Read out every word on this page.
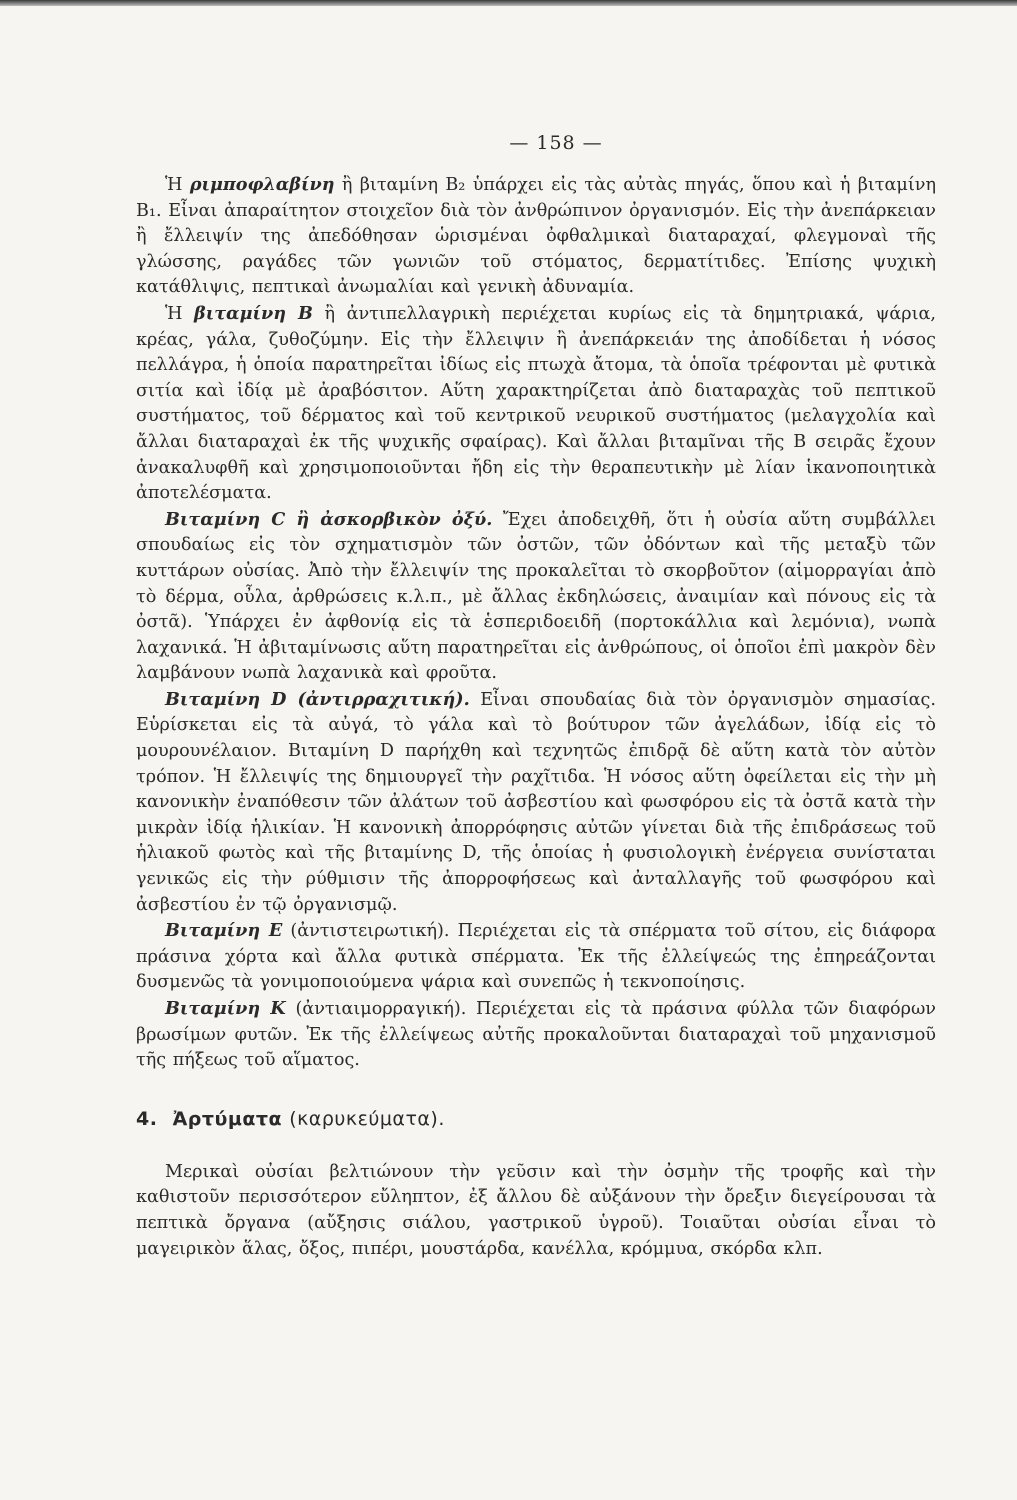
— 158 —

Ἡ ριμποφλαβίνη ἢ βιταμίνη B₂ ὑπάρχει εἰς τὰς αὐτὰς πηγάς, ὅπου καὶ ἡ βιταμίνη B₁. Εἶναι ἀπαραίτητον στοιχεῖον διὰ τὸν ἀνθρώπινον ὀργανισμόν. Εἰς τὴν ἀνεπάρκειαν ἢ ἔλλειψίν της ἀπεδόθησαν ὡρισμέναι ὀφθαλμικαὶ διαταραχαί, φλεγμοναὶ τῆς γλώσσης, ραγάδες τῶν γωνιῶν τοῦ στόματος, δερματίτιδες. Ἐπίσης ψυχικὴ κατάθλιψις, πεπτικαὶ ἀνωμαλίαι καὶ γενικὴ ἀδυναμία.

Ἡ βιταμίνη B ἢ ἀντιπελλαγρικὴ περιέχεται κυρίως εἰς τὰ δημητριακά, ψάρια, κρέας, γάλα, ζυθοζύμην. Εἰς τὴν ἔλλειψιν ἢ ἀνεπάρκειάν της ἀποδίδεται ἡ νόσος πελλάγρα, ἡ ὁποία παρατηρεῖται ἰδίως εἰς πτωχὰ ἄτομα, τὰ ὁποῖα τρέφονται μὲ φυτικὰ σιτία καὶ ἰδίᾳ μὲ ἀραβόσιτον. Αὕτη χαρακτηρίζεται ἀπὸ διαταραχὰς τοῦ πεπτικοῦ συστήματος, τοῦ δέρματος καὶ τοῦ κεντρικοῦ νευρικοῦ συστήματος (μελαγχολία καὶ ἄλλαι διαταραχαὶ ἐκ τῆς ψυχικῆς σφαίρας). Καὶ ἄλλαι βιταμῖναι τῆς B σειρᾶς ἔχουν ἀνακαλυφθῆ καὶ χρησιμοποιοῦνται ἤδη εἰς τὴν θεραπευτικὴν μὲ λίαν ἱκανοποιητικὰ ἀποτελέσματα.

Βιταμίνη C ἢ ἀσκορβικὸν ὀξύ. Ἔχει ἀποδειχθῆ, ὅτι ἡ οὐσία αὕτη συμβάλλει σπουδαίως εἰς τὸν σχηματισμὸν τῶν ὀστῶν, τῶν ὀδόντων καὶ τῆς μεταξὺ τῶν κυττάρων οὐσίας. Ἀπὸ τὴν ἔλλειψίν της προκαλεῖται τὸ σκορβοῦτον (αἱμορραγίαι ἀπὸ τὸ δέρμα, οὖλα, ἀρθρώσεις κ.λ.π., μὲ ἄλλας ἐκδηλώσεις, ἀναιμίαν καὶ πόνους εἰς τὰ ὀστᾶ). Ὑπάρχει ἐν ἀφθονίᾳ εἰς τὰ ἑσπεριδοειδῆ (πορτοκάλλια καὶ λεμόνια), νωπὰ λαχανικά. Ἡ ἀβιταμίνωσις αὕτη παρατηρεῖται εἰς ἀνθρώπους, οἱ ὁποῖοι ἐπὶ μακρὸν δὲν λαμβάνουν νωπὰ λαχανικὰ καὶ φροῦτα.

Βιταμίνη D (ἀντιρραχιτική). Εἶναι σπουδαίας διὰ τὸν ὀργανισμὸν σημασίας. Εὑρίσκεται εἰς τὰ αὐγά, τὸ γάλα καὶ τὸ βούτυρον τῶν ἀγελάδων, ἰδίᾳ εἰς τὸ μουρουνέλαιον. Βιταμίνη D παρήχθη καὶ τεχνητῶς ἐπιδρᾷ δὲ αὕτη κατὰ τὸν αὐτὸν τρόπον. Ἡ ἔλλειψίς της δημιουργεῖ τὴν ραχῖτιδα. Ἡ νόσος αὕτη ὀφείλεται εἰς τὴν μὴ κανονικὴν ἐναπόθεσιν τῶν ἀλάτων τοῦ ἀσβεστίου καὶ φωσφόρου εἰς τὰ ὀστᾶ κατὰ τὴν μικρὰν ἰδίᾳ ἡλικίαν. Ἡ κανονικὴ ἀπορρόφησις αὐτῶν γίνεται διὰ τῆς ἐπιδράσεως τοῦ ἡλιακοῦ φωτὸς καὶ τῆς βιταμίνης D, τῆς ὁποίας ἡ φυσιολογικὴ ἐνέργεια συνίσταται γενικῶς εἰς τὴν ρύθμισιν τῆς ἀπορροφήσεως καὶ ἀνταλλαγῆς τοῦ φωσφόρου καὶ ἀσβεστίου ἐν τῷ ὀργανισμῷ.

Βιταμίνη E (ἀντιστειρωτική). Περιέχεται εἰς τὰ σπέρματα τοῦ σίτου, εἰς διάφορα πράσινα χόρτα καὶ ἄλλα φυτικὰ σπέρματα. Ἐκ τῆς ἐλλείψεώς της ἐπηρεάζονται δυσμενῶς τὰ γονιμοποιούμενα ψάρια καὶ συνεπῶς ἡ τεκνοποίησις.

Βιταμίνη K (ἀντιαιμορραγική). Περιέχεται εἰς τὰ πράσινα φύλλα τῶν διαφόρων βρωσίμων φυτῶν. Ἐκ τῆς ἐλλείψεως αὐτῆς προκαλοῦνται διαταραχαὶ τοῦ μηχανισμοῦ τῆς πήξεως τοῦ αἵματος.

4. Ἀρτύματα (καρυκεύματα).

Μερικαὶ οὐσίαι βελτιώνουν τὴν γεῦσιν καὶ τὴν ὀσμὴν τῆς τροφῆς καὶ τὴν καθιστοῦν περισσότερον εὔληπτον, ἐξ ἄλλου δὲ αὐξάνουν τὴν ὄρεξιν διεγείρουσαι τὰ πεπτικὰ ὄργανα (αὔξησις σιάλου, γαστρικοῦ ὑγροῦ). Τοιαῦται οὐσίαι εἶναι τὸ μαγειρικὸν ἅλας, ὄξος, πιπέρι, μουστάρδα, κανέλλα, κρόμμυα, σκόρδα κλπ.
